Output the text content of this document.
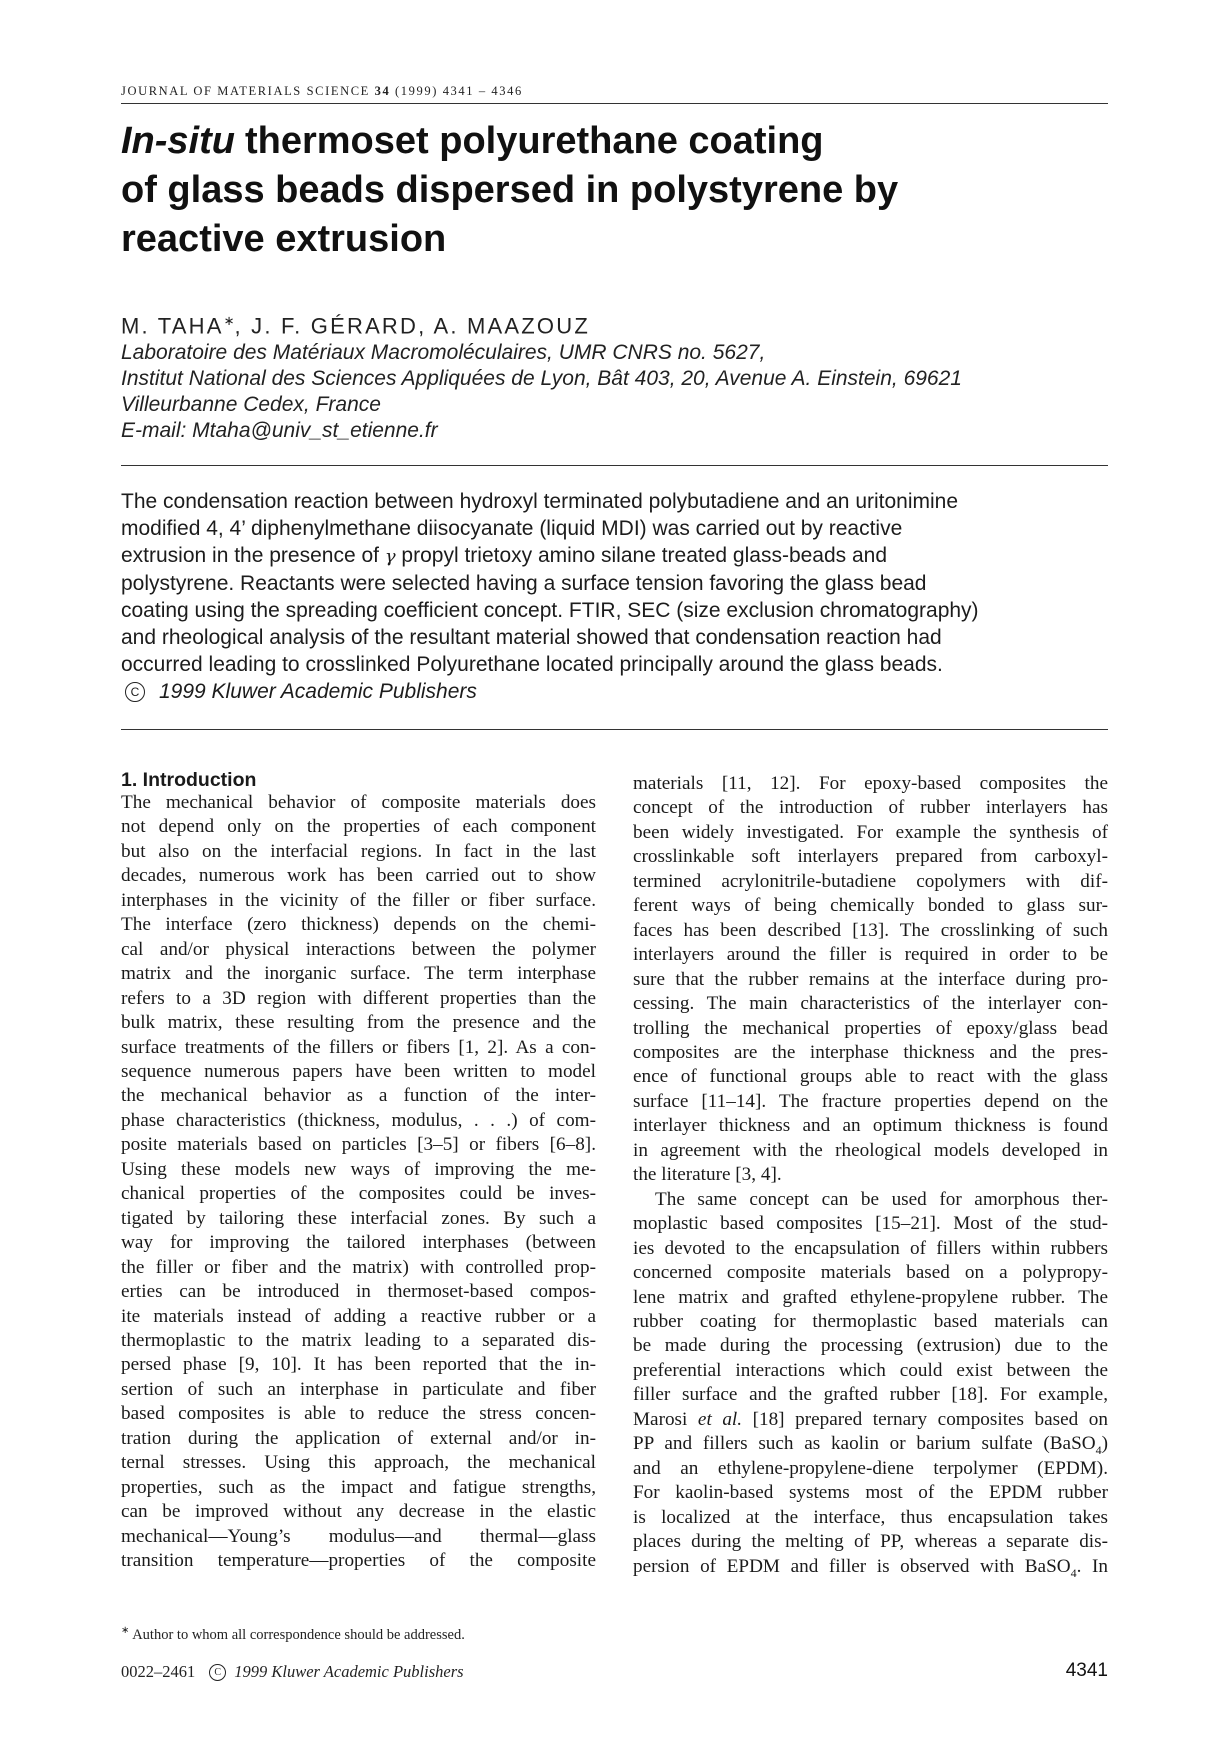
JOURNAL OF MATERIALS SCIENCE 34 (1999) 4341 – 4346
In-situ thermoset polyurethane coating
of glass beads dispersed in polystyrene by
reactive extrusion
M. TAHA∗, J. F. GÉRARD, A. MAAZOUZ
Laboratoire des Matériaux Macromoléculaires, UMR CNRS no. 5627,
Institut National des Sciences Appliquées de Lyon, Bât 403, 20, Avenue A. Einstein, 69621
Villeurbanne Cedex, France
E-mail: Mtaha@univ_st_etienne.fr

The condensation reaction between hydroxyl terminated polybutadiene and an uritonimine
modified 4, 4’ diphenylmethane diisocyanate (liquid MDI) was carried out by reactive
extrusion in the presence of γ propyl trietoxy amino silane treated glass-beads and
polystyrene. Reactants were selected having a surface tension favoring the glass bead
coating using the spreading coefficient concept. FTIR, SEC (size exclusion chromatography)
and rheological analysis of the resultant material showed that condensation reaction had
occurred leading to crosslinked Polyurethane located principally around the glass beads.
C 1999 Kluwer Academic Publishers

1. Introduction
The mechanical behavior of composite materials does
not depend only on the properties of each component
but also on the interfacial regions. In fact in the last
decades, numerous work has been carried out to show
interphases in the vicinity of the filler or fiber surface.
The interface (zero thickness) depends on the chemi-
cal and/or physical interactions between the polymer
matrix and the inorganic surface. The term interphase
refers to a 3D region with different properties than the
bulk matrix, these resulting from the presence and the
surface treatments of the fillers or fibers [1, 2]. As a con-
sequence numerous papers have been written to model
the mechanical behavior as a function of the inter-
phase characteristics (thickness, modulus, . . .) of com-
posite materials based on particles [3–5] or fibers [6–8].
Using these models new ways of improving the me-
chanical properties of the composites could be inves-
tigated by tailoring these interfacial zones. By such a
way for improving the tailored interphases (between
the filler or fiber and the matrix) with controlled prop-
erties can be introduced in thermoset-based compos-
ite materials instead of adding a reactive rubber or a
thermoplastic to the matrix leading to a separated dis-
persed phase [9, 10]. It has been reported that the in-
sertion of such an interphase in particulate and fiber
based composites is able to reduce the stress concen-
tration during the application of external and/or in-
ternal stresses. Using this approach, the mechanical
properties, such as the impact and fatigue strengths,
can be improved without any decrease in the elastic
mechanical—Young’s modulus—and thermal—glass
transition temperature—properties of the composite
materials [11, 12]. For epoxy-based composites the
concept of the introduction of rubber interlayers has
been widely investigated. For example the synthesis of
crosslinkable soft interlayers prepared from carboxyl-
termined acrylonitrile-butadiene copolymers with dif-
ferent ways of being chemically bonded to glass sur-
faces has been described [13]. The crosslinking of such
interlayers around the filler is required in order to be
sure that the rubber remains at the interface during pro-
cessing. The main characteristics of the interlayer con-
trolling the mechanical properties of epoxy/glass bead
composites are the interphase thickness and the pres-
ence of functional groups able to react with the glass
surface [11–14]. The fracture properties depend on the
interlayer thickness and an optimum thickness is found
in agreement with the rheological models developed in
the literature [3, 4].
The same concept can be used for amorphous ther-
moplastic based composites [15–21]. Most of the stud-
ies devoted to the encapsulation of fillers within rubbers
concerned composite materials based on a polypropy-
lene matrix and grafted ethylene-propylene rubber. The
rubber coating for thermoplastic based materials can
be made during the processing (extrusion) due to the
preferential interactions which could exist between the
filler surface and the grafted rubber [18]. For example,
Marosi et al. [18] prepared ternary composites based on
PP and fillers such as kaolin or barium sulfate (BaSO$_4$)
and an ethylene-propylene-diene terpolymer (EPDM).
For kaolin-based systems most of the EPDM rubber
is localized at the interface, thus encapsulation takes
places during the melting of PP, whereas a separate dis-
persion of EPDM and filler is observed with BaSO$_4$. In
∗ Author to whom all correspondence should be addressed.
0022–2461 C 1999 Kluwer Academic Publishers	4341
